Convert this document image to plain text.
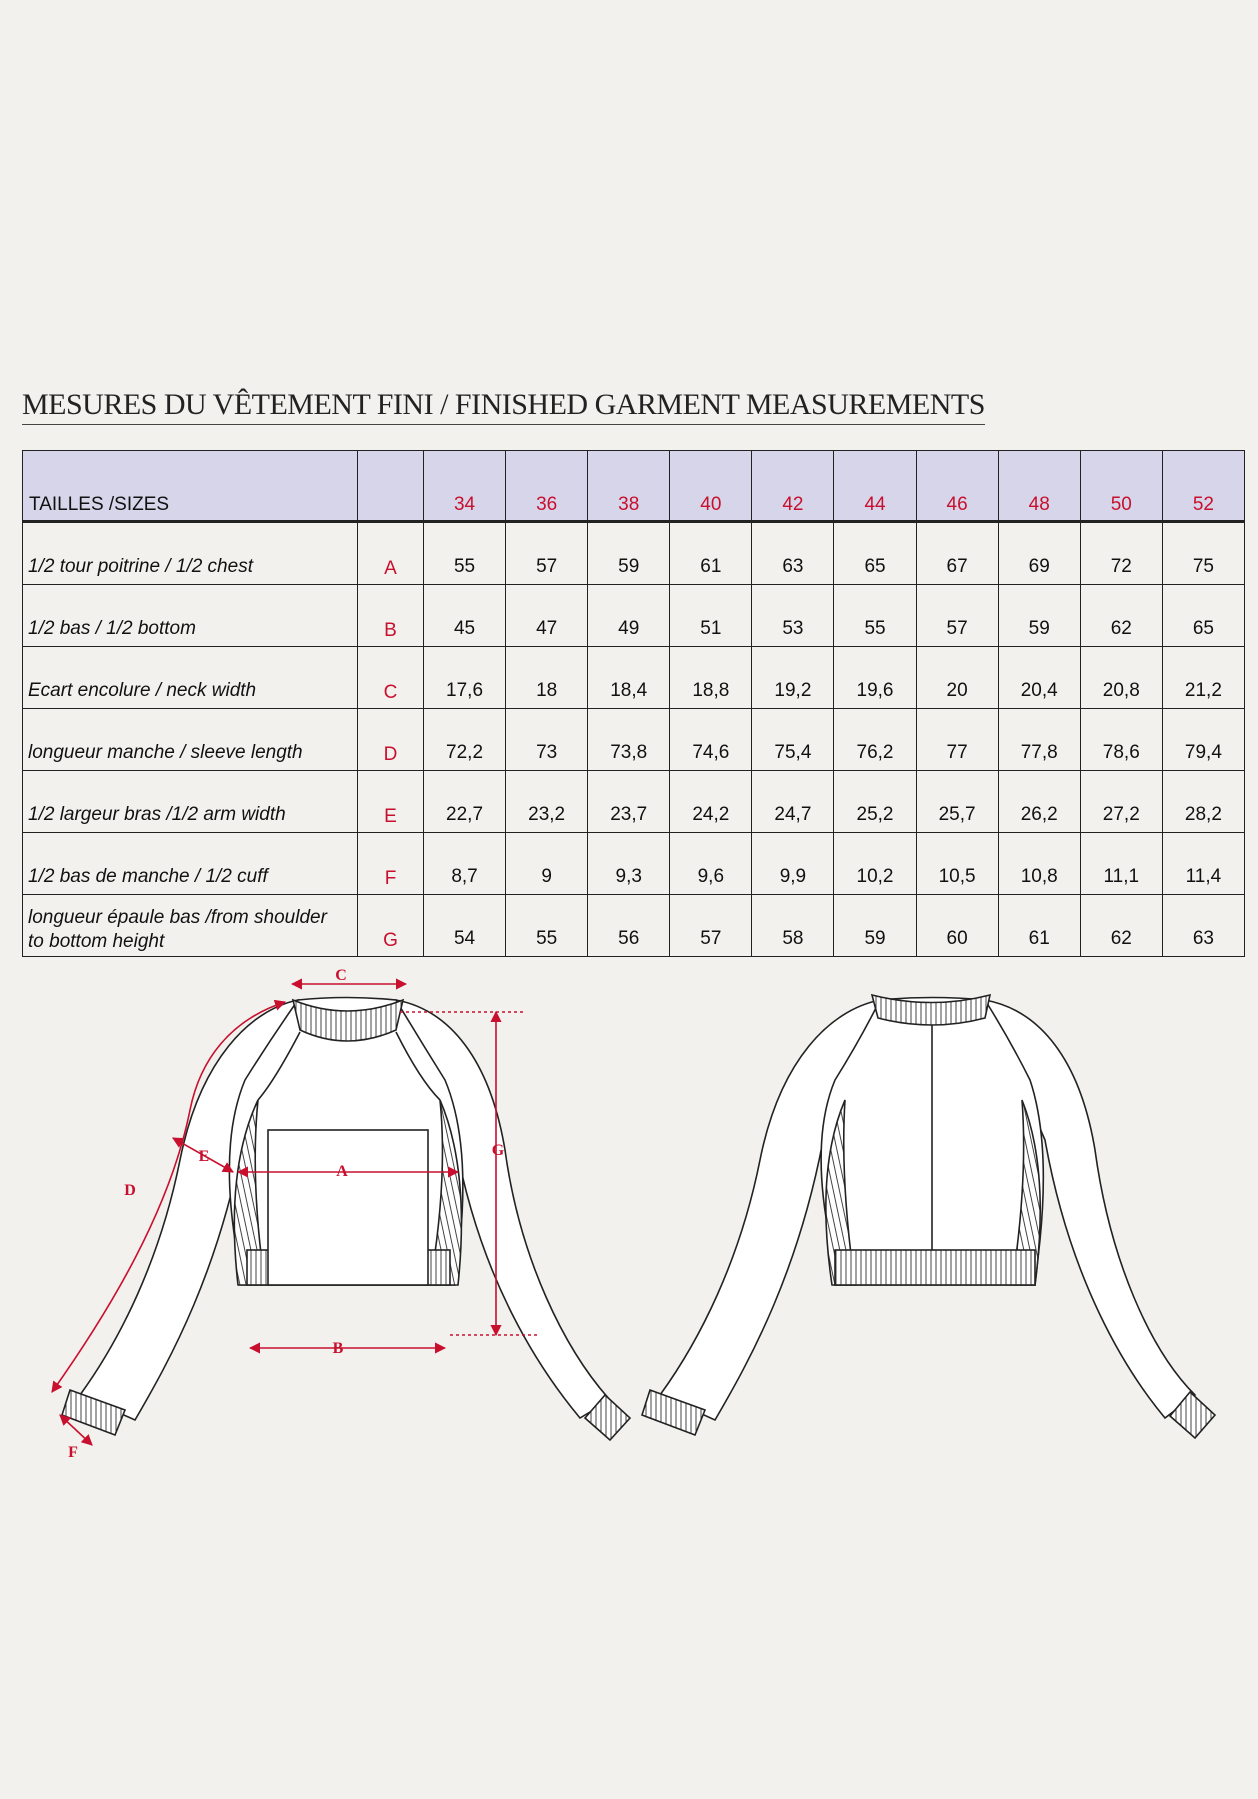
MESURES DU VÊTEMENT FINI / FINISHED GARMENT MEASUREMENTS
TAILLES /SIZES		34	36	38	40	42	44	46	48	50	52
1/2 tour poitrine / 1/2 chest	A	55	57	59	61	63	65	67	69	72	75
1/2 bas / 1/2 bottom	B	45	47	49	51	53	55	57	59	62	65
Ecart encolure / neck width	C	17,6	18	18,4	18,8	19,2	19,6	20	20,4	20,8	21,2
longueur manche / sleeve length	D	72,2	73	73,8	74,6	75,4	76,2	77	77,8	78,6	79,4
1/2 largeur bras /1/2 arm width	E	22,7	23,2	23,7	24,2	24,7	25,2	25,7	26,2	27,2	28,2
1/2 bas de manche / 1/2 cuff	F	8,7	9	9,3	9,6	9,9	10,2	10,5	10,8	11,1	11,4
longueur épaule bas /from shoulder
to bottom height	G	54	55	56	57	58	59	60	61	62	63
C
A
B
G
D
E
F
